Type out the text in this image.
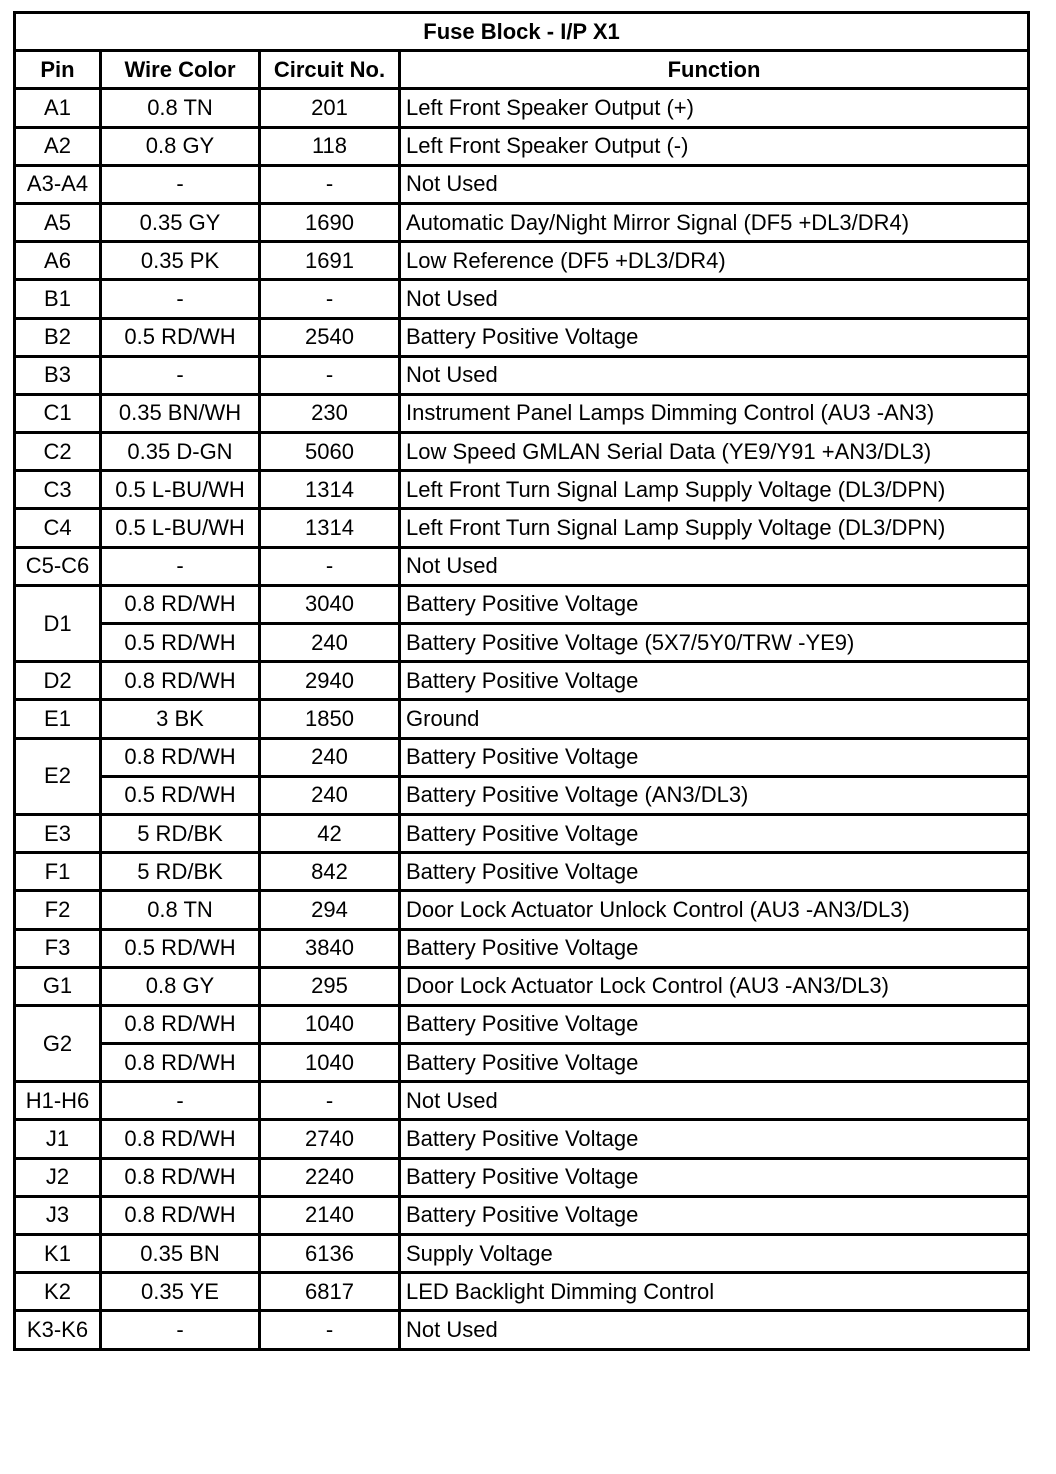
Fuse Block - I/P X1			
Pin	Wire Color	Circuit No.	Function
A1	0.8 TN	201	Left Front Speaker Output (+)
A2	0.8 GY	118	Left Front Speaker Output (-)
A3-A4	-	-	Not Used
A5	0.35 GY	1690	Automatic Day/Night Mirror Signal (DF5 +DL3/DR4)
A6	0.35 PK	1691	Low Reference (DF5 +DL3/DR4)
B1	-	-	Not Used
B2	0.5 RD/WH	2540	Battery Positive Voltage
B3	-	-	Not Used
C1	0.35 BN/WH	230	Instrument Panel Lamps Dimming Control (AU3 -AN3)
C2	0.35 D-GN	5060	Low Speed GMLAN Serial Data (YE9/Y91 +AN3/DL3)
C3	0.5 L-BU/WH	1314	Left Front Turn Signal Lamp Supply Voltage (DL3/DPN)
C4	0.5 L-BU/WH	1314	Left Front Turn Signal Lamp Supply Voltage (DL3/DPN)
C5-C6	-	-	Not Used
D1	0.8 RD/WH	3040	Battery Positive Voltage
	0.5 RD/WH	240	Battery Positive Voltage (5X7/5Y0/TRW -YE9)
D2	0.8 RD/WH	2940	Battery Positive Voltage
E1	3 BK	1850	Ground
E2	0.8 RD/WH	240	Battery Positive Voltage
	0.5 RD/WH	240	Battery Positive Voltage (AN3/DL3)
E3	5 RD/BK	42	Battery Positive Voltage
F1	5 RD/BK	842	Battery Positive Voltage
F2	0.8 TN	294	Door Lock Actuator Unlock Control (AU3 -AN3/DL3)
F3	0.5 RD/WH	3840	Battery Positive Voltage
G1	0.8 GY	295	Door Lock Actuator Lock Control (AU3 -AN3/DL3)
G2	0.8 RD/WH	1040	Battery Positive Voltage
	0.8 RD/WH	1040	Battery Positive Voltage
H1-H6	-	-	Not Used
J1	0.8 RD/WH	2740	Battery Positive Voltage
J2	0.8 RD/WH	2240	Battery Positive Voltage
J3	0.8 RD/WH	2140	Battery Positive Voltage
K1	0.35 BN	6136	Supply Voltage
K2	0.35 YE	6817	LED Backlight Dimming Control
K3-K6	-	-	Not Used
